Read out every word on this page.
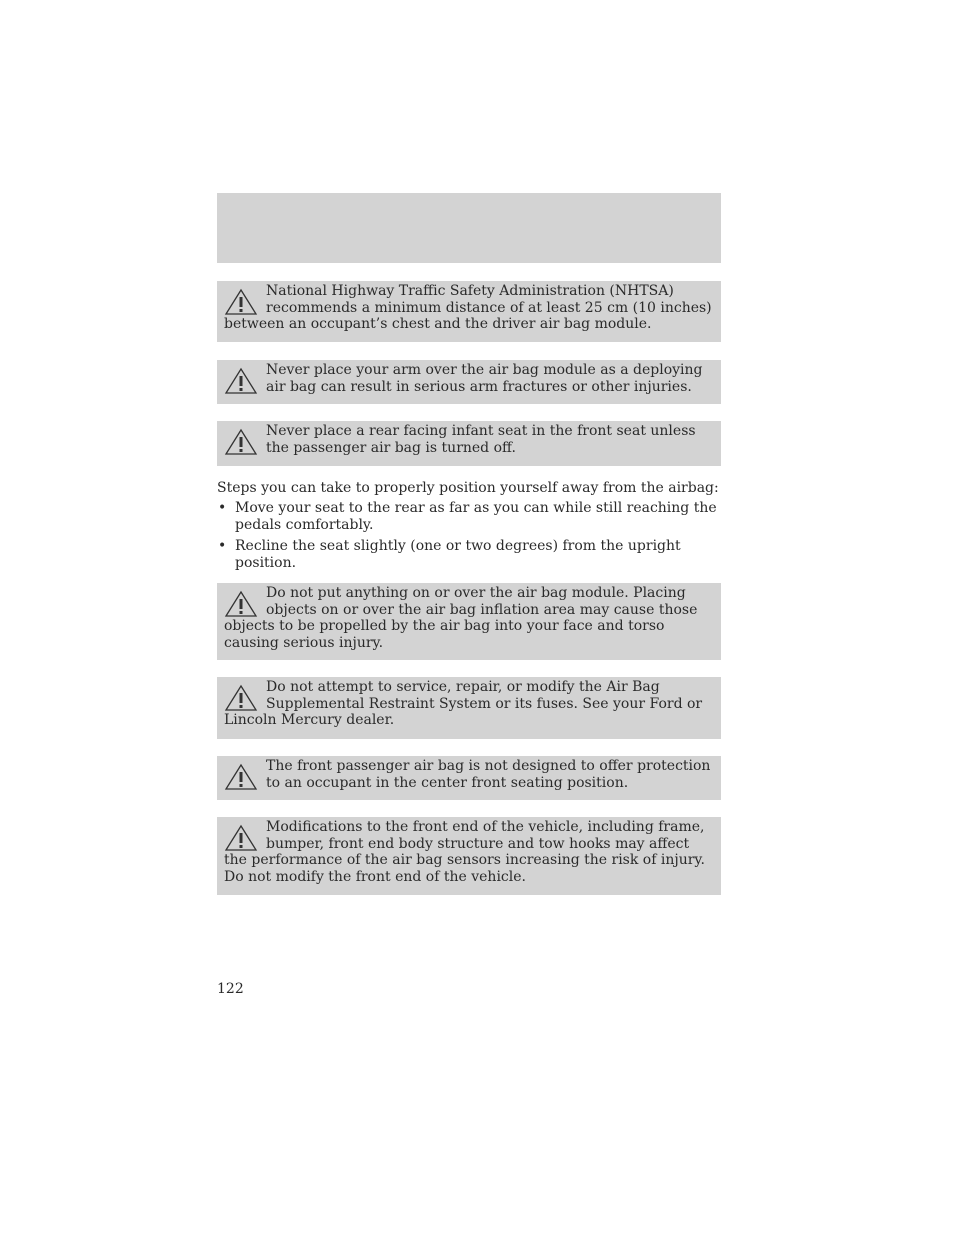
National Highway Traffic Safety Administration (NHTSA) recommends a minimum distance of at least 25 cm (10 inches) between an occupant’s chest and the driver air bag module.

Never place your arm over the air bag module as a deploying air bag can result in serious arm fractures or other injuries.

Never place a rear facing infant seat in the front seat unless the passenger air bag is turned off.

Steps you can take to properly position yourself away from the airbag:

• Move your seat to the rear as far as you can while still reaching the pedals comfortably.
• Recline the seat slightly (one or two degrees) from the upright position.

Do not put anything on or over the air bag module. Placing objects on or over the air bag inflation area may cause those objects to be propelled by the air bag into your face and torso causing serious injury.

Do not attempt to service, repair, or modify the Air Bag Supplemental Restraint System or its fuses. See your Ford or Lincoln Mercury dealer.

The front passenger air bag is not designed to offer protection to an occupant in the center front seating position.

Modifications to the front end of the vehicle, including frame, bumper, front end body structure and tow hooks may affect the performance of the air bag sensors increasing the risk of injury. Do not modify the front end of the vehicle.

122
